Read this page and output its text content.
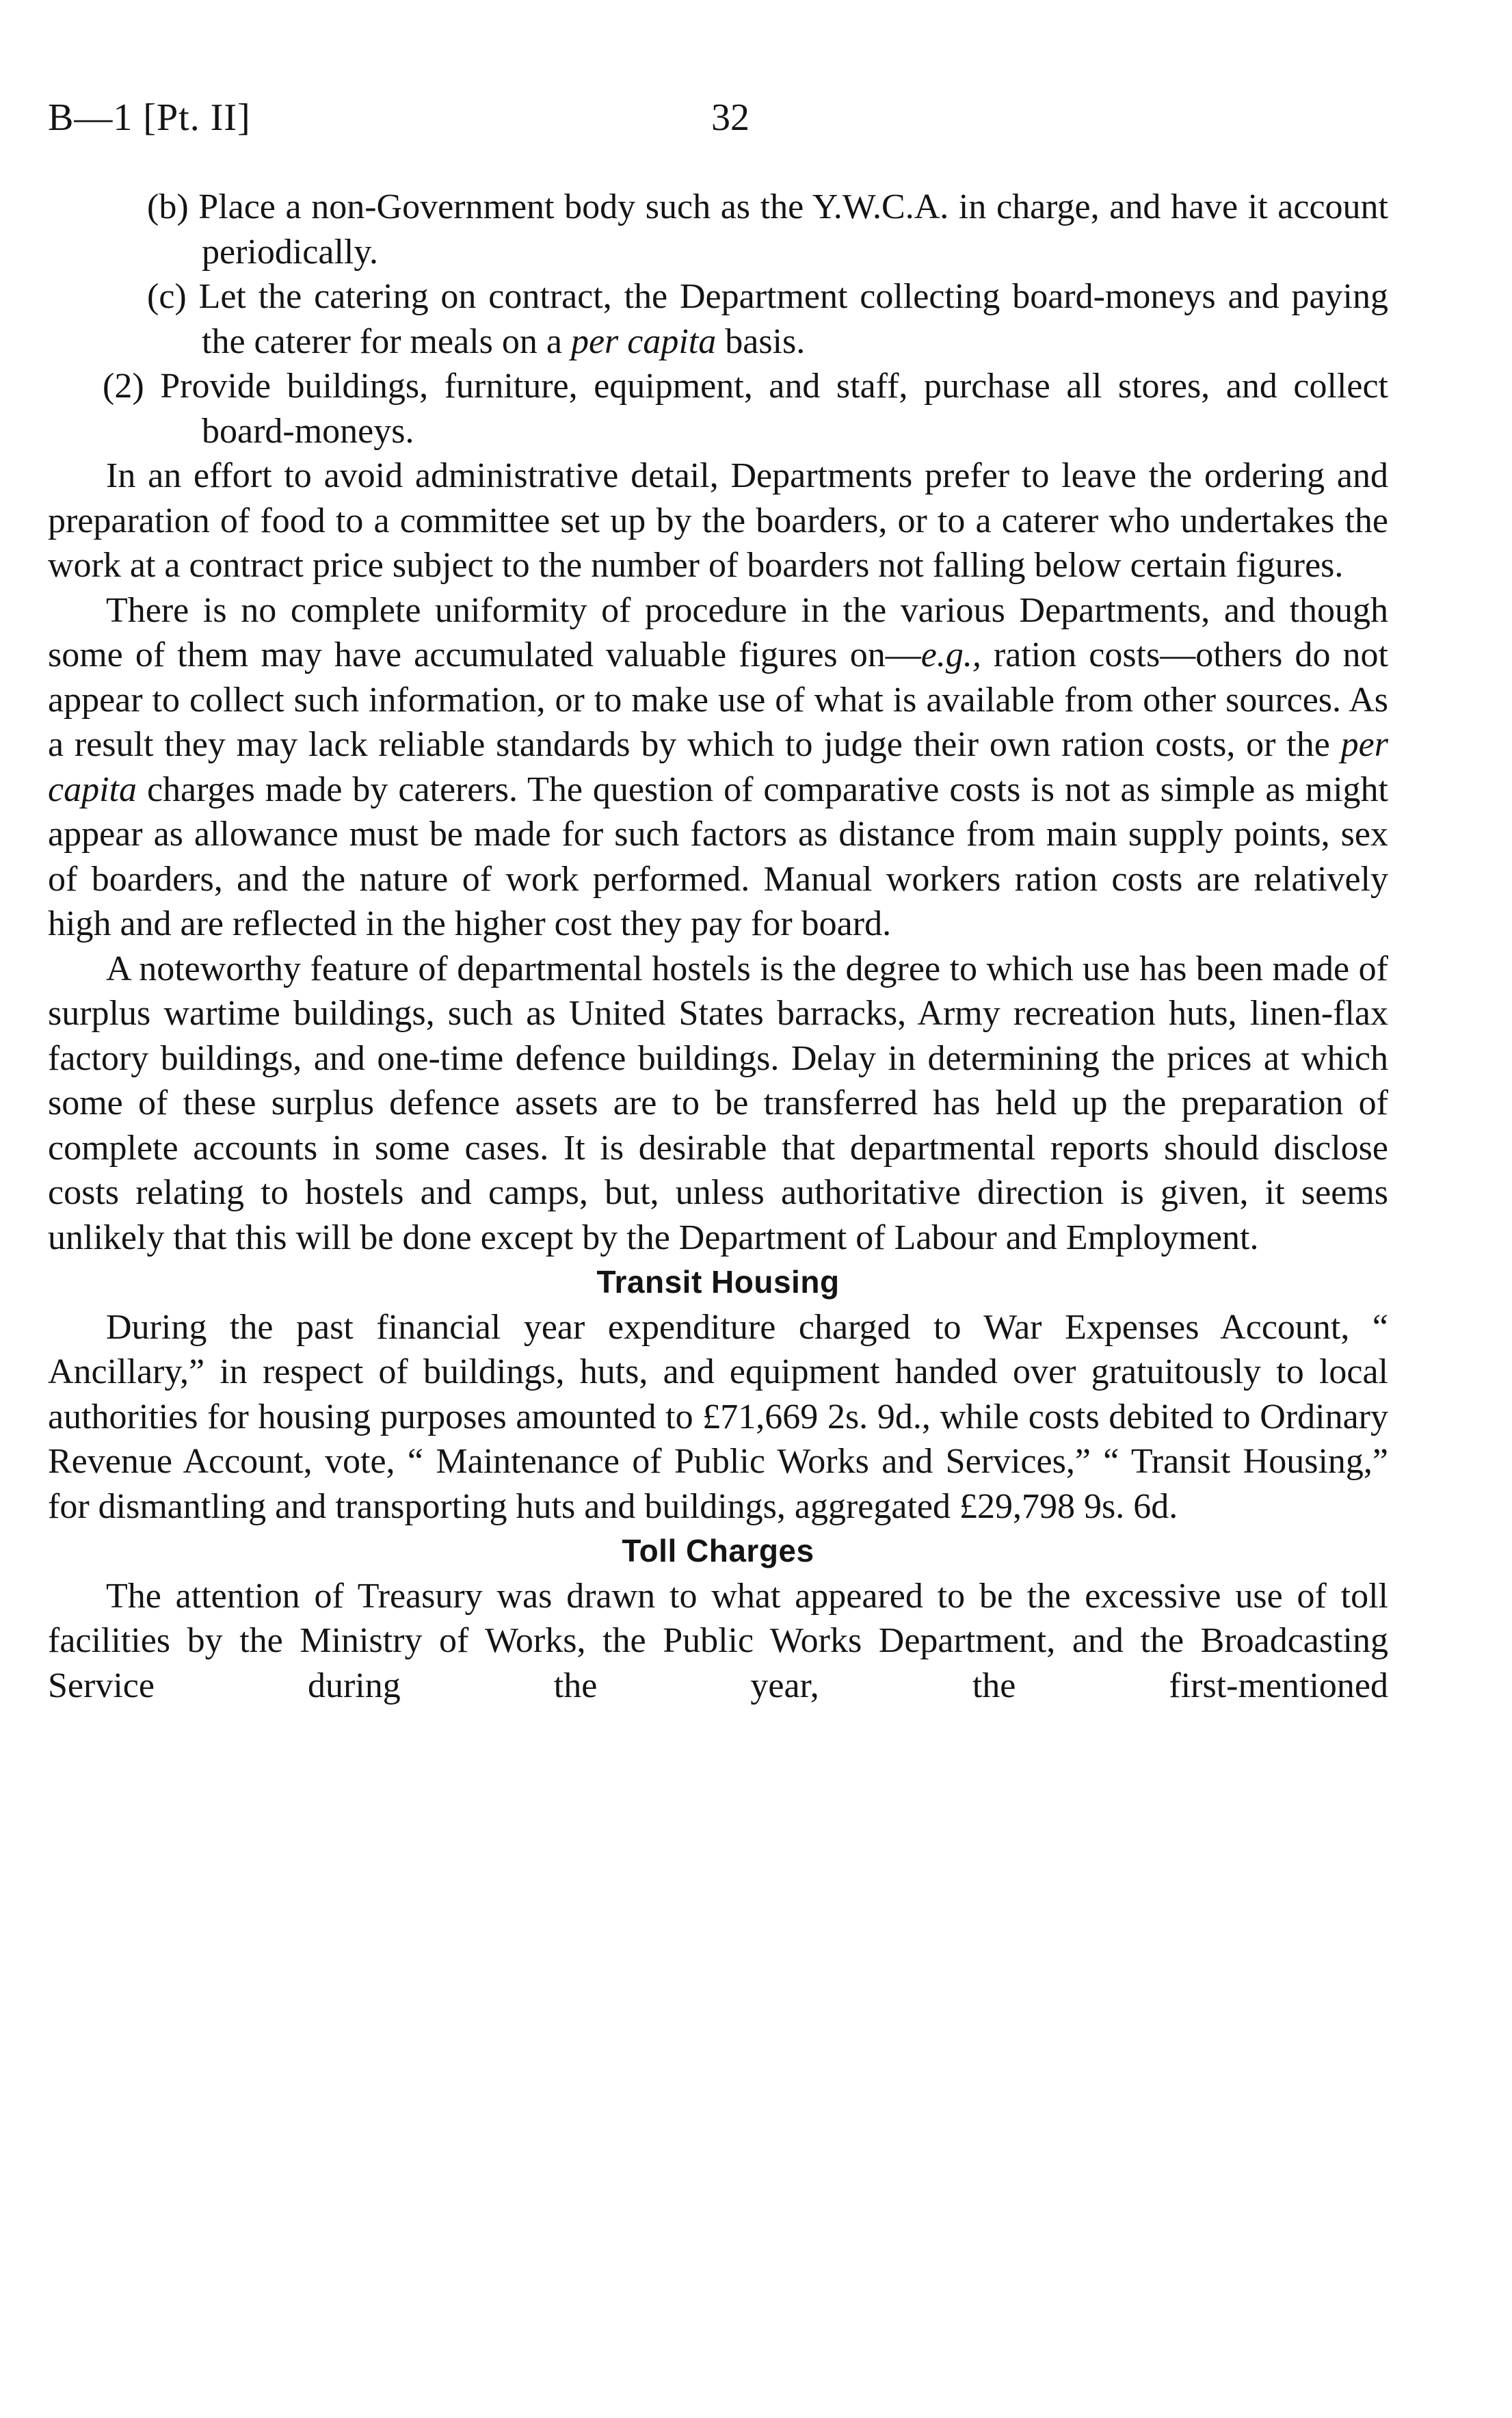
B—1 [Pt. II]	32

(b) Place a non-Government body such as the Y.W.C.A. in charge, and have it account periodically.

(c) Let the catering on contract, the Department collecting board-moneys and paying the caterer for meals on a per capita basis.

(2) Provide buildings, furniture, equipment, and staff, purchase all stores, and collect board-moneys.

In an effort to avoid administrative detail, Departments prefer to leave the ordering and preparation of food to a committee set up by the boarders, or to a caterer who undertakes the work at a contract price subject to the number of boarders not falling below certain figures.

There is no complete uniformity of procedure in the various Departments, and though some of them may have accumulated valuable figures on—e.g., ration costs—others do not appear to collect such information, or to make use of what is available from other sources. As a result they may lack reliable standards by which to judge their own ration costs, or the per capita charges made by caterers. The question of comparative costs is not as simple as might appear as allowance must be made for such factors as distance from main supply points, sex of boarders, and the nature of work performed. Manual workers ration costs are relatively high and are reflected in the higher cost they pay for board.

A noteworthy feature of departmental hostels is the degree to which use has been made of surplus wartime buildings, such as United States barracks, Army recreation huts, linen-flax factory buildings, and one-time defence buildings. Delay in determining the prices at which some of these surplus defence assets are to be transferred has held up the preparation of complete accounts in some cases. It is desirable that departmental reports should disclose costs relating to hostels and camps, but, unless authoritative direction is given, it seems unlikely that this will be done except by the Department of Labour and Employment.

Transit Housing

During the past financial year expenditure charged to War Expenses Account, “ Ancillary,” in respect of buildings, huts, and equipment handed over gratuitously to local authorities for housing purposes amounted to £71,669 2s. 9d., while costs debited to Ordinary Revenue Account, vote, “ Maintenance of Public Works and Services,” “ Transit Housing,” for dismantling and transporting huts and buildings, aggregated £29,798 9s. 6d.

Toll Charges

The attention of Treasury was drawn to what appeared to be the excessive use of toll facilities by the Ministry of Works, the Public Works Department, and the Broadcasting Service during the year, the first-mentioned
